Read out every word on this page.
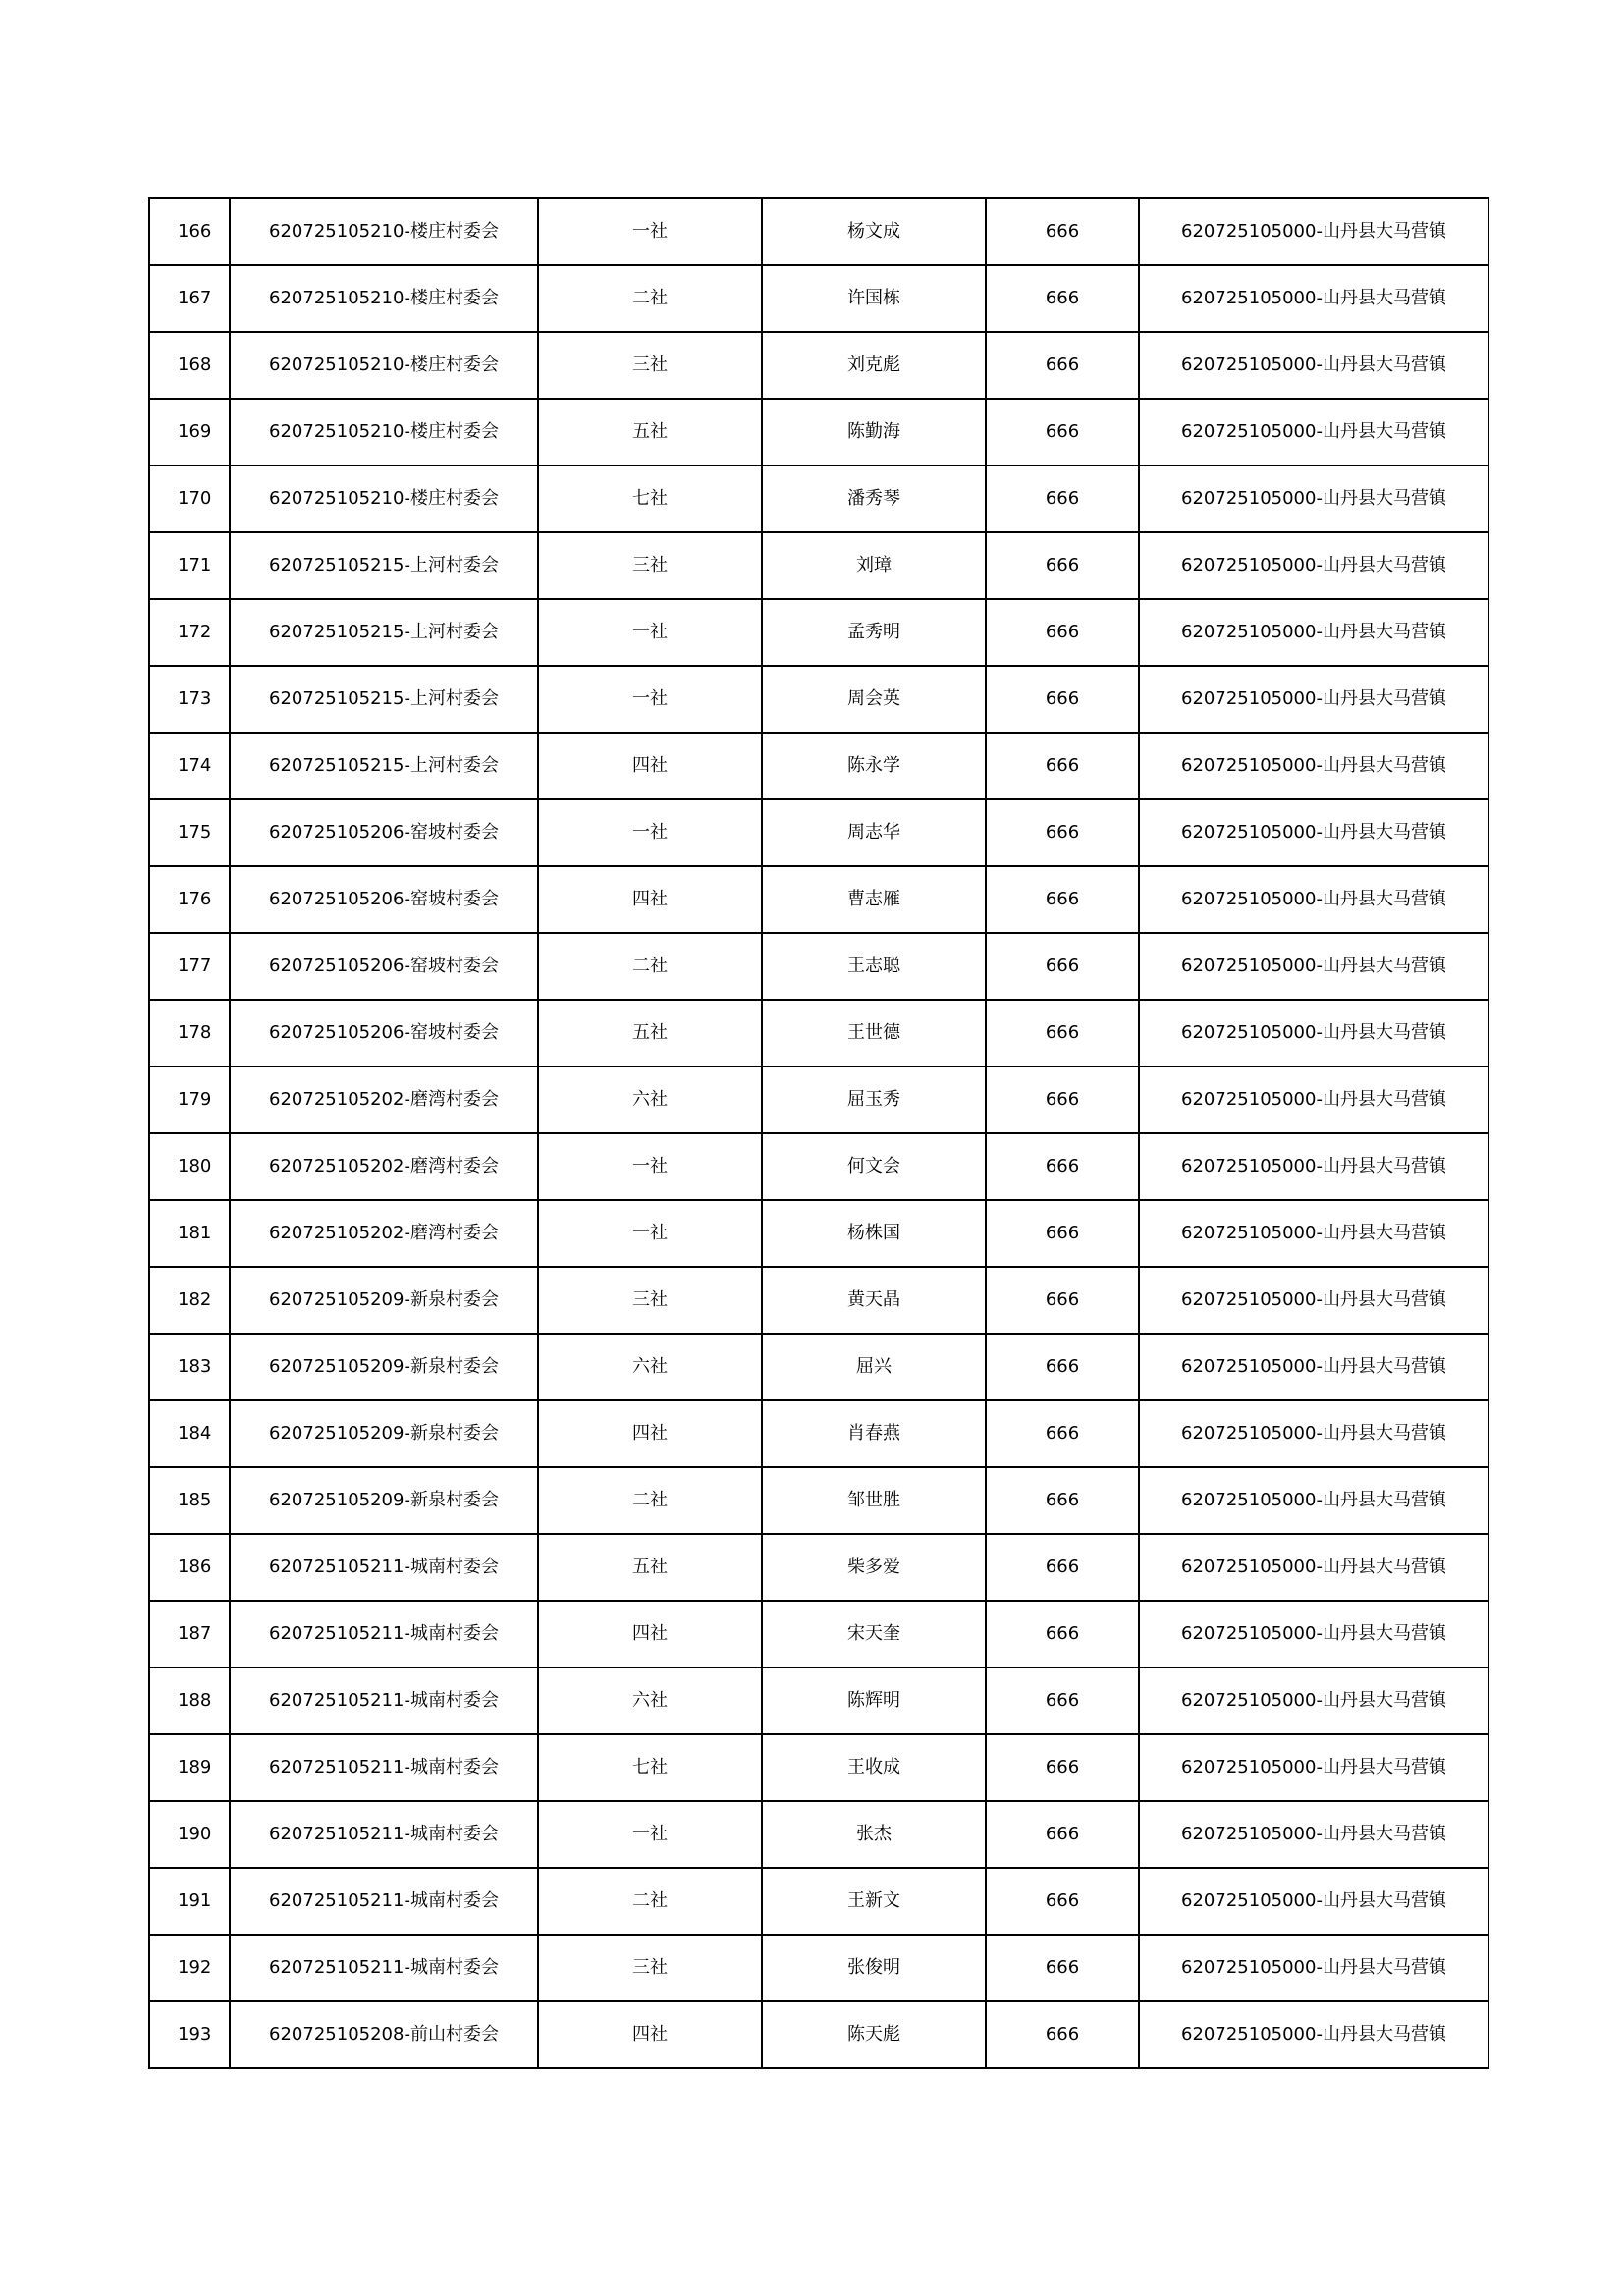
166	620725105210-楼庄村委会	一社	杨文成	666	620725105000-山丹县大马营镇
167	620725105210-楼庄村委会	二社	许国栋	666	620725105000-山丹县大马营镇
168	620725105210-楼庄村委会	三社	刘克彪	666	620725105000-山丹县大马营镇
169	620725105210-楼庄村委会	五社	陈勤海	666	620725105000-山丹县大马营镇
170	620725105210-楼庄村委会	七社	潘秀琴	666	620725105000-山丹县大马营镇
171	620725105215-上河村委会	三社	刘璋	666	620725105000-山丹县大马营镇
172	620725105215-上河村委会	一社	孟秀明	666	620725105000-山丹县大马营镇
173	620725105215-上河村委会	一社	周会英	666	620725105000-山丹县大马营镇
174	620725105215-上河村委会	四社	陈永学	666	620725105000-山丹县大马营镇
175	620725105206-窑坡村委会	一社	周志华	666	620725105000-山丹县大马营镇
176	620725105206-窑坡村委会	四社	曹志雁	666	620725105000-山丹县大马营镇
177	620725105206-窑坡村委会	二社	王志聪	666	620725105000-山丹县大马营镇
178	620725105206-窑坡村委会	五社	王世德	666	620725105000-山丹县大马营镇
179	620725105202-磨湾村委会	六社	屈玉秀	666	620725105000-山丹县大马营镇
180	620725105202-磨湾村委会	一社	何文会	666	620725105000-山丹县大马营镇
181	620725105202-磨湾村委会	一社	杨株国	666	620725105000-山丹县大马营镇
182	620725105209-新泉村委会	三社	黄天晶	666	620725105000-山丹县大马营镇
183	620725105209-新泉村委会	六社	屈兴	666	620725105000-山丹县大马营镇
184	620725105209-新泉村委会	四社	肖春燕	666	620725105000-山丹县大马营镇
185	620725105209-新泉村委会	二社	邹世胜	666	620725105000-山丹县大马营镇
186	620725105211-城南村委会	五社	柴多爱	666	620725105000-山丹县大马营镇
187	620725105211-城南村委会	四社	宋天奎	666	620725105000-山丹县大马营镇
188	620725105211-城南村委会	六社	陈辉明	666	620725105000-山丹县大马营镇
189	620725105211-城南村委会	七社	王收成	666	620725105000-山丹县大马营镇
190	620725105211-城南村委会	一社	张杰	666	620725105000-山丹县大马营镇
191	620725105211-城南村委会	二社	王新文	666	620725105000-山丹县大马营镇
192	620725105211-城南村委会	三社	张俊明	666	620725105000-山丹县大马营镇
193	620725105208-前山村委会	四社	陈天彪	666	620725105000-山丹县大马营镇
